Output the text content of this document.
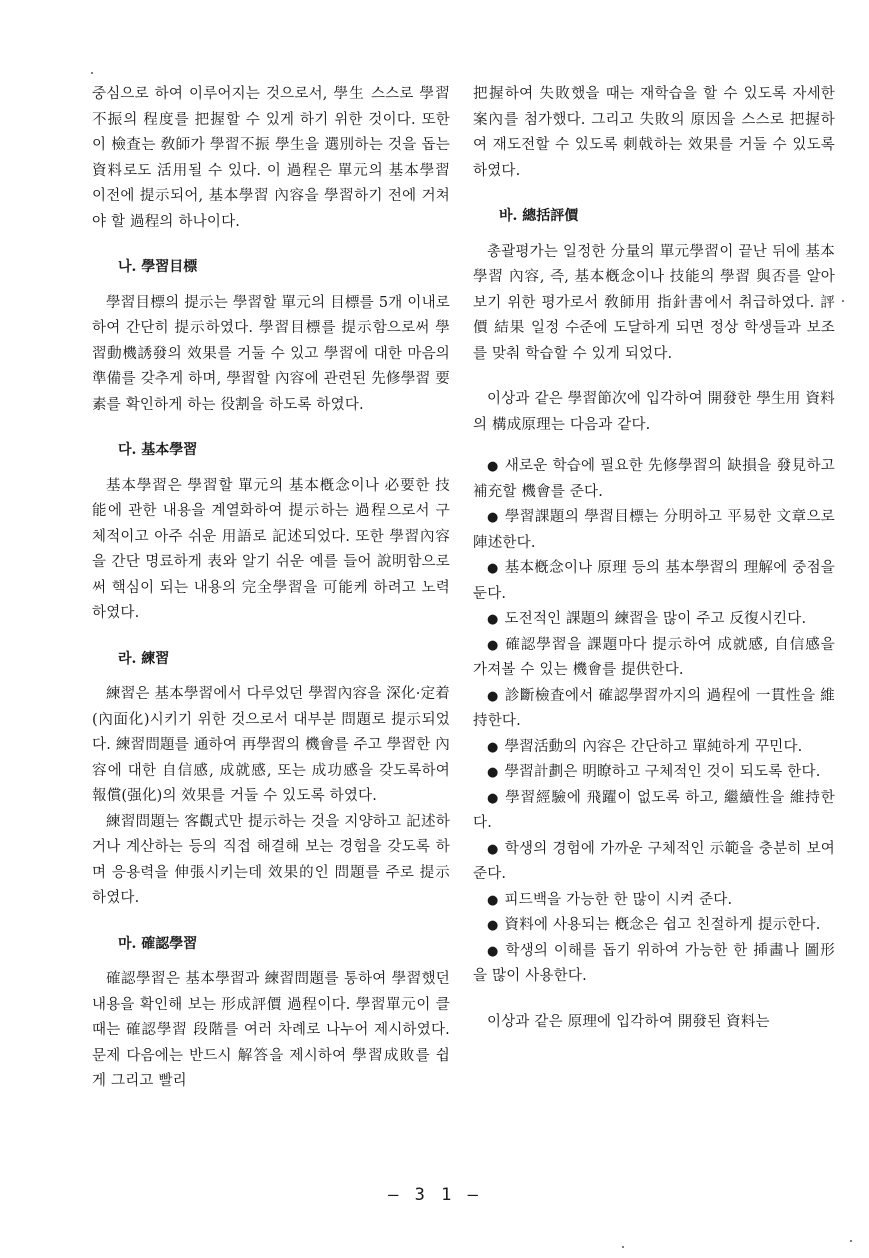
중심으로 하여 이루어지는 것으로서, 學生 스스로 學習不振의 程度를 把握할 수 있게 하기 위한 것이다. 또한 이 檢査는 敎師가 學習不振 學生을 選別하는 것을 돕는 資料로도 活用될 수 있다. 이 過程은 單元의 基本學習 이전에 提示되어, 基本學習 內容을 學習하기 전에 거쳐야 할 過程의 하나이다.

나. 學習目標

學習目標의 提示는 學習할 單元의 目標를 5개 이내로 하여 간단히 提示하였다. 學習目標를 提示함으로써 學習動機誘發의 效果를 거둘 수 있고 學習에 대한 마음의 準備를 갖추게 하며, 學習할 內容에 관련된 先修學習 要素를 확인하게 하는 役割을 하도록 하였다.

다. 基本學習

基本學習은 學習할 單元의 基本槪念이나 必要한 技能에 관한 내용을 계열화하여 提示하는 過程으로서 구체적이고 아주 쉬운 用語로 記述되었다. 또한 學習內容을 간단 명료하게 表와 알기 쉬운 예를 들어 說明함으로써 핵심이 되는 내용의 完全學習을 可能케 하려고 노력하였다.

라. 練習

練習은 基本學習에서 다루었던 學習內容을 深化·定着(內面化)시키기 위한 것으로서 대부분 問題로 提示되었다. 練習問題를 通하여 再學習의 機會를 주고 學習한 內容에 대한 自信感, 成就感, 또는 成功感을 갖도록하여 報償(强化)의 效果를 거둘 수 있도록 하였다.

練習問題는 客觀式만 提示하는 것을 지양하고 記述하거나 계산하는 등의 직접 해결해 보는 경험을 갖도록 하며 응용력을 伸張시키는데 效果的인 問題를 주로 提示하였다.

마. 確認學習

確認學習은 基本學習과 練習問題를 통하여 學習했던 내용을 확인해 보는 形成評價 過程이다. 學習單元이 클 때는 確認學習 段階를 여러 차례로 나누어 제시하였다. 문제 다음에는 반드시 解答을 제시하여 學習成敗를 쉽게 그리고 빨리

把握하여 失敗했을 때는 재학습을 할 수 있도록 자세한 案內를 첨가했다. 그리고 失敗의 原因을 스스로 把握하여 재도전할 수 있도록 刺戟하는 效果를 거둘 수 있도록 하였다.

바. 總括評價

총괄평가는 일정한 分量의 單元學習이 끝난 뒤에 基本學習 內容, 즉, 基本槪念이나 技能의 學習 與否를 알아보기 위한 평가로서 敎師用 指針書에서 취급하였다. 評價 結果 일정 수준에 도달하게 되면 정상 학생들과 보조를 맞춰 학습할 수 있게 되었다.

이상과 같은 學習節次에 입각하여 開發한 學生用 資料의 構成原理는 다음과 같다.

● 새로운 학습에 필요한 先修學習의 缺損을 發見하고 補充할 機會를 준다.

● 學習課題의 學習目標는 分明하고 平易한 文章으로 陣述한다.

● 基本槪念이나 原理 등의 基本學習의 理解에 중점을 둔다.

● 도전적인 課題의 練習을 많이 주고 反復시킨다.

● 確認學習을 課題마다 提示하여 成就感, 自信感을 가져볼 수 있는 機會를 提供한다.

● 診斷檢査에서 確認學習까지의 過程에 一貫性을 維持한다.

● 學習活動의 內容은 간단하고 單純하게 꾸민다.

● 學習計劃은 明瞭하고 구체적인 것이 되도록 한다.

● 學習經驗에 飛躍이 없도록 하고, 繼續性을 維持한다.

● 학생의 경험에 가까운 구체적인 示範을 충분히 보여 준다.

● 피드백을 가능한 한 많이 시켜 준다.

● 資料에 사용되는 槪念은 쉽고 친절하게 提示한다.

● 학생의 이해를 돕기 위하여 가능한 한 揷畵나 圖形을 많이 사용한다.

이상과 같은 原理에 입각하여 開發된 資料는

— 3 1 —
